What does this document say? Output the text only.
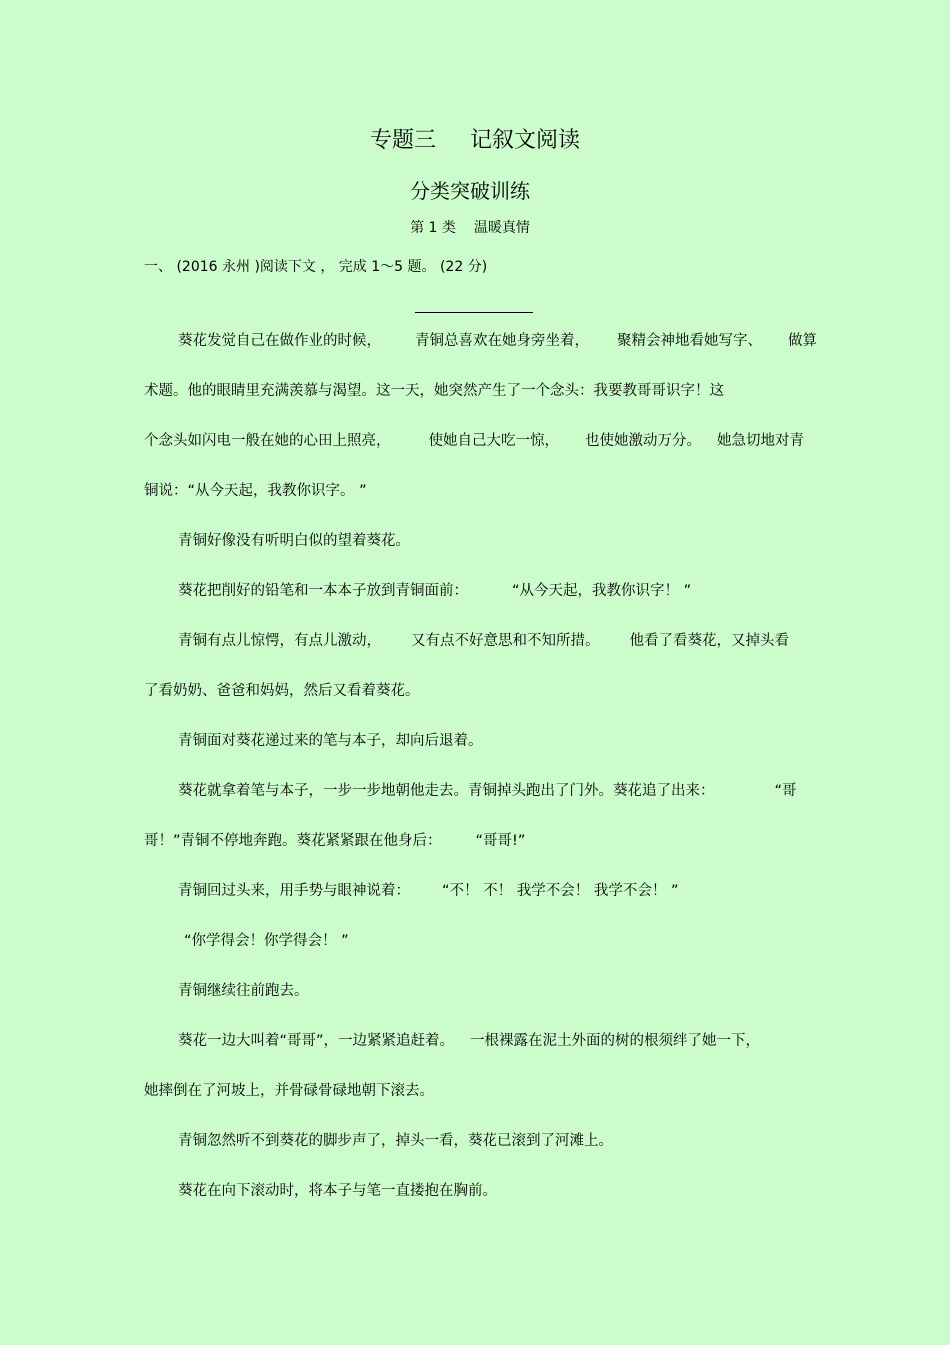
专题三 记叙文阅读
分类突破训练
第 1 类 温暖真情
一、 (2016 永州 )阅读下文 ， 完成 1～5 题。 (22 分)
葵花发觉自己在做作业的时候， 青铜总喜欢在她身旁坐着， 聚精会神地看她写字、 做算
术题。他的眼睛里充满羡慕与渴望。这一天，她突然产生了一个念头：我要教哥哥识字！这
个念头如闪电一般在她的心田上照亮，	使她自己大吃一惊， 也使她激动万分。 她急切地对青
铜说：“从今天起，我教你识字。 ”
青铜好像没有听明白似的望着葵花。
葵花把削好的铅笔和一本本子放到青铜面前：	“从今天起，我教你识字！ ”
青铜有点儿惊愕，有点儿激动， 又有点不好意思和不知所措。 他看了看葵花，又掉头看
了看奶奶、爸爸和妈妈，然后又看着葵花。
青铜面对葵花递过来的笔与本子，却向后退着。
葵花就拿着笔与本子，一步一步地朝他走去。青铜掉头跑出了门外。葵花追了出来：	“哥
哥！”青铜不停地奔跑。葵花紧紧跟在他身后： “哥哥!”
青铜回过头来，用手势与眼神说着： “不！ 不！ 我学不会！ 我学不会！ ”
“你学得会！你学得会！ ”
青铜继续往前跑去。
葵花一边大叫着“哥哥”，一边紧紧追赶着。 一根裸露在泥土外面的树的根须绊了她一下，
她摔倒在了河坡上，并骨碌骨碌地朝下滚去。
青铜忽然听不到葵花的脚步声了，掉头一看，葵花已滚到了河滩上。
葵花在向下滚动时，将本子与笔一直搂抱在胸前。
